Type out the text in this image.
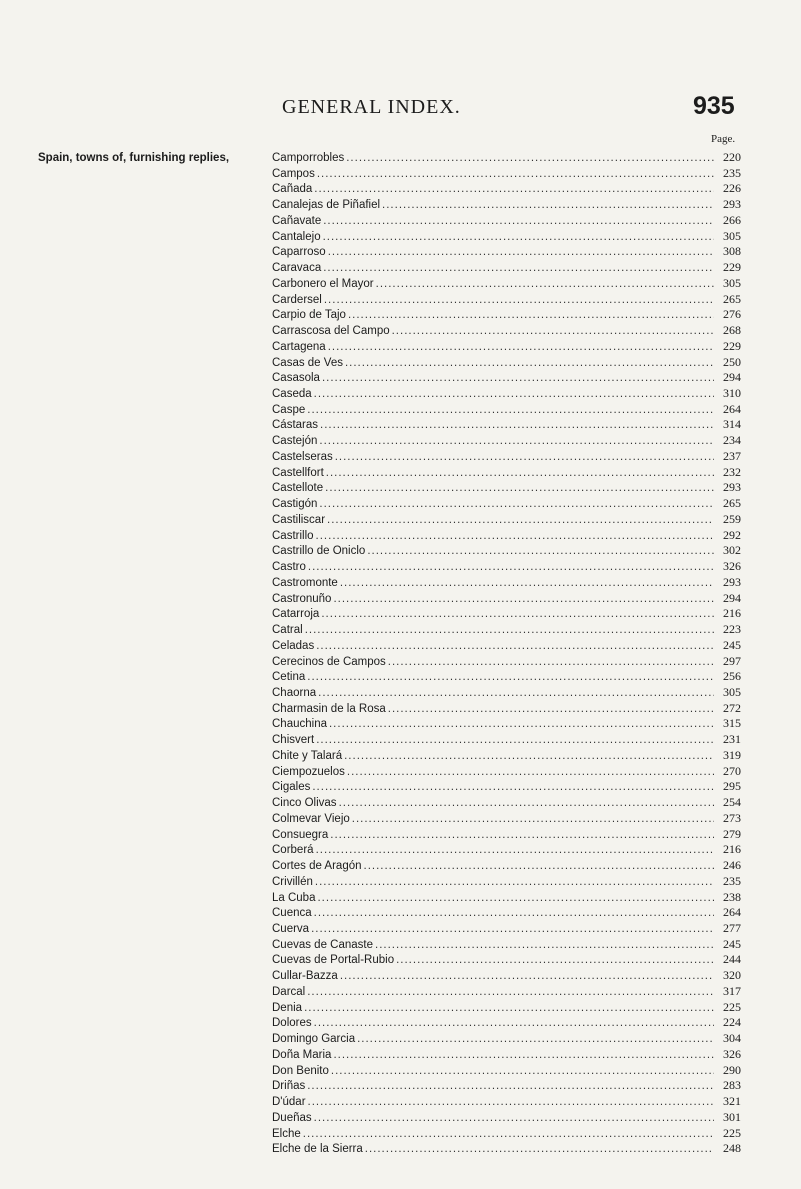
GENERAL INDEX.	935
Page.
Spain, towns of, furnishing replies,	Camporrobles .....	220
Campos .....	235
Cañada .....	226
Canalejas de Piñafiel .....	293
Cañavate .....	266
Cantalejo .....	305
Caparroso .....	308
Caravaca .....	229
Carbonero el Mayor .....	305
Cardersel .....	265
Carpio de Tajo .....	276
Carrascosa del Campo .....	268
Cartagena .....	229
Casas de Ves .....	250
Casasola .....	294
Caseda .....	310
Caspe .....	264
Cástaras .....	314
Castejón .....	234
Castelseras .....	237
Castellfort .....	232
Castellote .....	293
Castigón .....	265
Castiliscar .....	259
Castrillo .....	292
Castrillo de Oniclo .....	302
Castro .....	326
Castromonte .....	293
Castronuño .....	294
Catarroja .....	216
Catral .....	223
Celadas .....	245
Cerecinos de Campos .....	297
Cetina .....	256
Chaorna .....	305
Charmasin de la Rosa .....	272
Chauchina .....	315
Chisvert .....	231
Chite y Talará .....	319
Ciempozuelos .....	270
Cigales .....	295
Cinco Olivas .....	254
Colmevar Viejo .....	273
Consuegra .....	279
Corberá .....	216
Cortes de Aragón .....	246
Crivillén .....	235
La Cuba .....	238
Cuenca .....	264
Cuerva .....	277
Cuevas de Canaste .....	245
Cuevas de Portal-Rubio .....	244
Cullar-Bazza .....	320
Darcal .....	317
Denia .....	225
Dolores .....	224
Domingo Garcia .....	304
Doña Maria .....	326
Don Benito .....	290
Driñas .....	283
D'údar .....	321
Dueñas .....	301
Elche .....	225
Elche de la Sierra .....	248
